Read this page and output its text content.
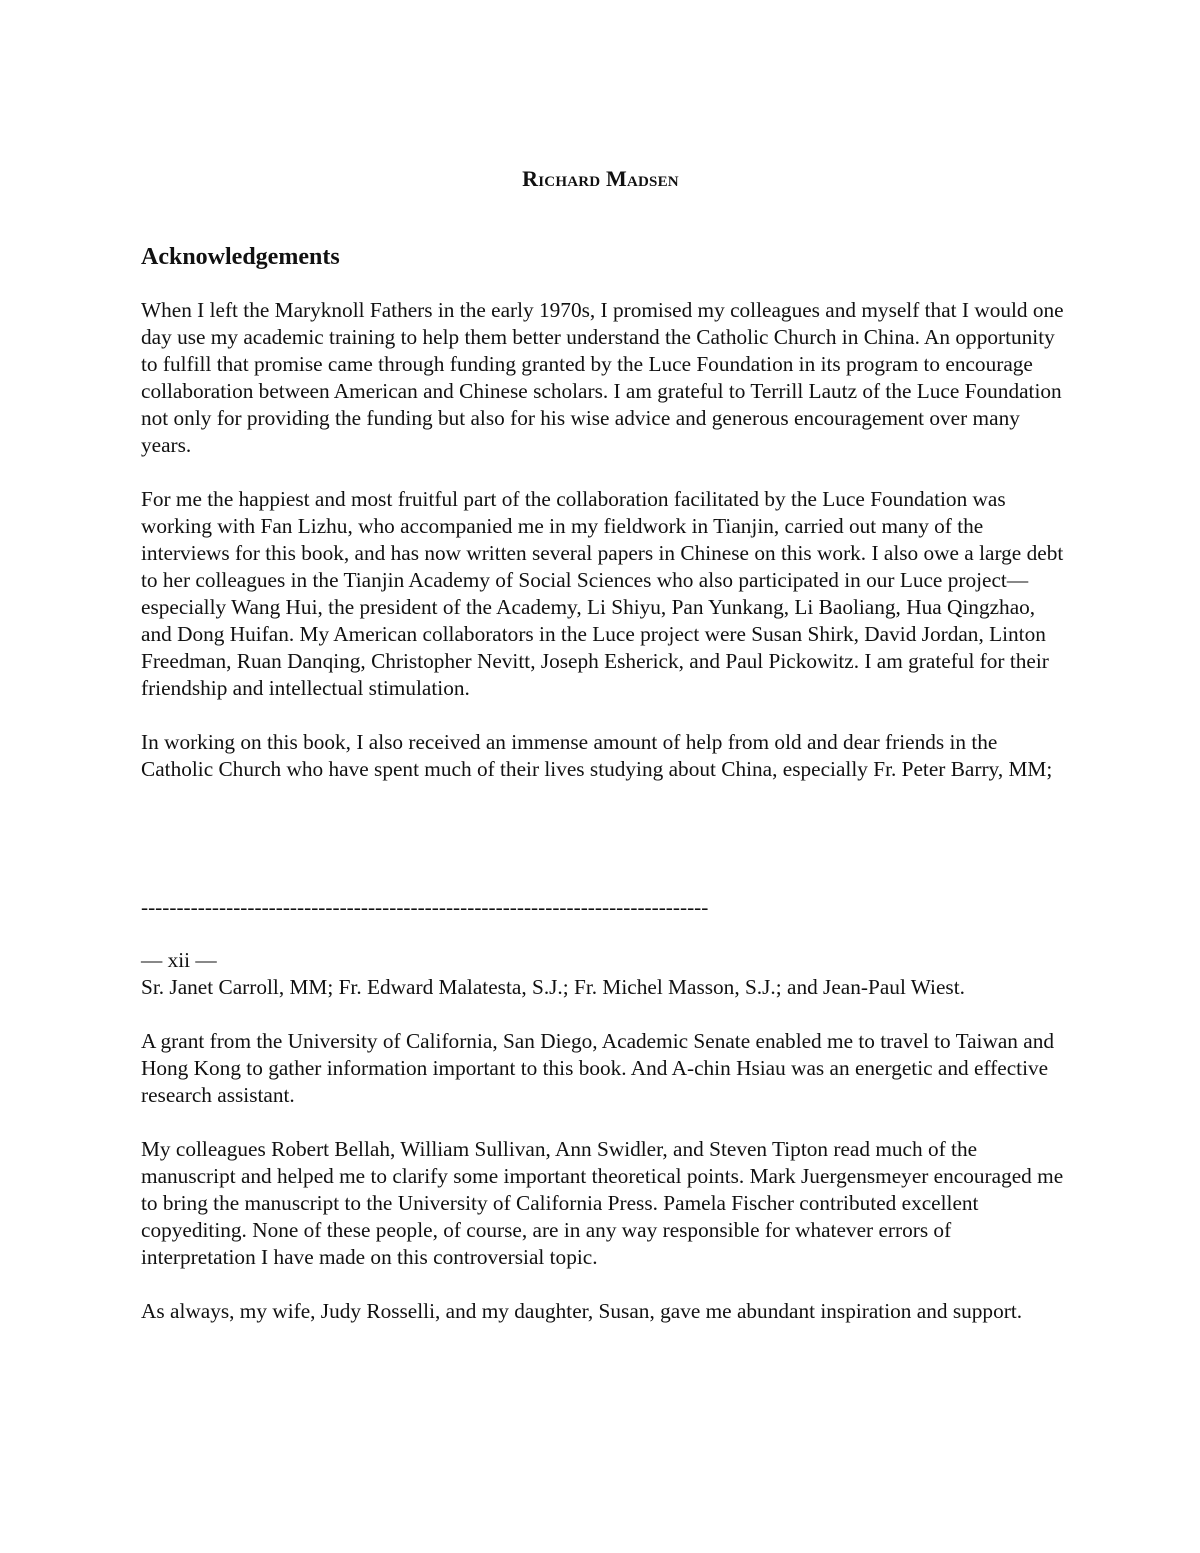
Richard Madsen
Acknowledgements

When I left the Maryknoll Fathers in the early 1970s, I promised my colleagues and myself that I would one day use my academic training to help them better understand the Catholic Church in China. An opportunity to fulfill that promise came through funding granted by the Luce Foundation in its program to encourage collaboration between American and Chinese scholars. I am grateful to Terrill Lautz of the Luce Foundation not only for providing the funding but also for his wise advice and generous encouragement over many years.

For me the happiest and most fruitful part of the collaboration facilitated by the Luce Foundation was working with Fan Lizhu, who accompanied me in my fieldwork in Tianjin, carried out many of the interviews for this book, and has now written several papers in Chinese on this work. I also owe a large debt to her colleagues in the Tianjin Academy of Social Sciences who also participated in our Luce project—especially Wang Hui, the president of the Academy, Li Shiyu, Pan Yunkang, Li Baoliang, Hua Qingzhao, and Dong Huifan. My American collaborators in the Luce project were Susan Shirk, David Jordan, Linton Freedman, Ruan Danqing, Christopher Nevitt, Joseph Esherick, and Paul Pickowitz. I am grateful for their friendship and intellectual stimulation.

In working on this book, I also received an immense amount of help from old and dear friends in the Catholic Church who have spent much of their lives studying about China, especially Fr. Peter Barry, MM;

--------------------------------------------------------------------------------
— xii —

Sr. Janet Carroll, MM; Fr. Edward Malatesta, S.J.; Fr. Michel Masson, S.J.; and Jean-Paul Wiest.

A grant from the University of California, San Diego, Academic Senate enabled me to travel to Taiwan and Hong Kong to gather information important to this book. And A-chin Hsiau was an energetic and effective research assistant.

My colleagues Robert Bellah, William Sullivan, Ann Swidler, and Steven Tipton read much of the manuscript and helped me to clarify some important theoretical points. Mark Juergensmeyer encouraged me to bring the manuscript to the University of California Press. Pamela Fischer contributed excellent copyediting. None of these people, of course, are in any way responsible for whatever errors of interpretation I have made on this controversial topic.

As always, my wife, Judy Rosselli, and my daughter, Susan, gave me abundant inspiration and support.
